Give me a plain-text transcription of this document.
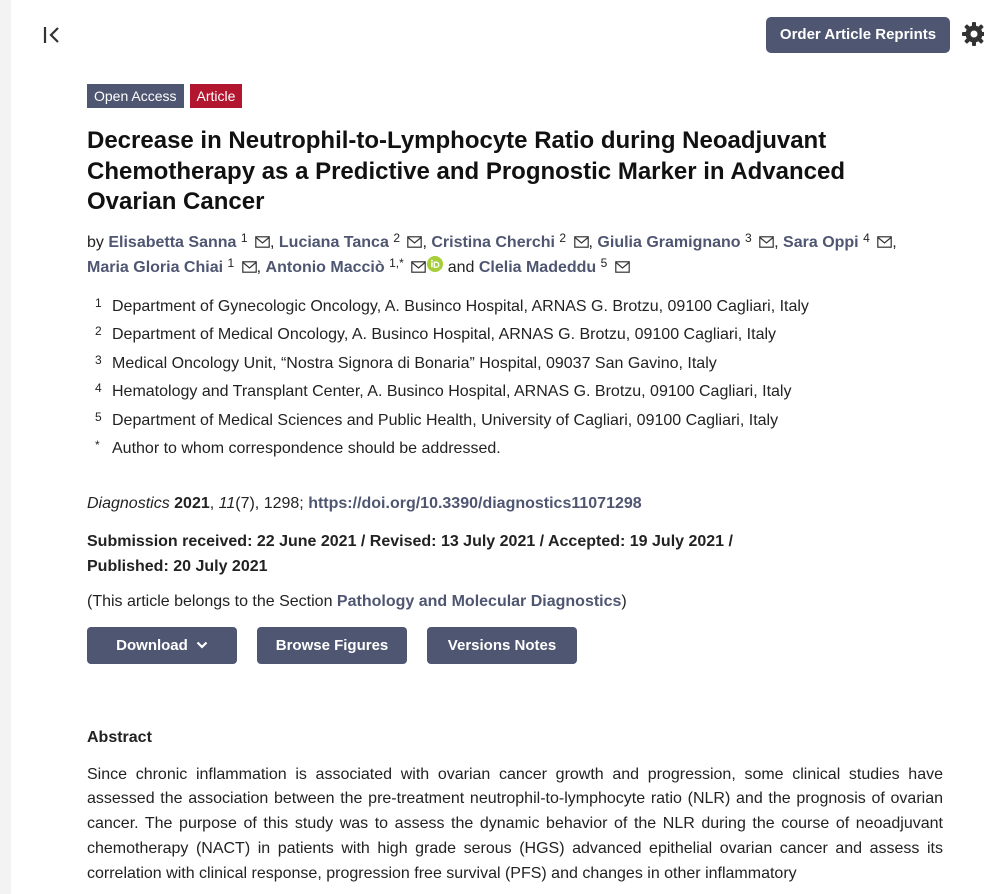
Order Article Reprints
Open Access	Article
Decrease in Neutrophil-to-Lymphocyte Ratio during Neoadjuvant Chemotherapy as a Predictive and Prognostic Marker in Advanced Ovarian Cancer
by Elisabetta Sanna $^1$ , Luciana Tanca $^2$ , Cristina Cherchi $^2$ , Giulia Gramignano $^3$ , Sara Oppi $^4$ ,
Maria Gloria Chiai $^1$ , Antonio Macciò $^{1,*}$	and Clelia Madeddu $^5$
1 Department of Gynecologic Oncology, A. Businco Hospital, ARNAS G. Brotzu, 09100 Cagliari, Italy
2 Department of Medical Oncology, A. Businco Hospital, ARNAS G. Brotzu, 09100 Cagliari, Italy
3 Medical Oncology Unit, “Nostra Signora di Bonaria” Hospital, 09037 San Gavino, Italy
4 Hematology and Transplant Center, A. Businco Hospital, ARNAS G. Brotzu, 09100 Cagliari, Italy
5 Department of Medical Sciences and Public Health, University of Cagliari, 09100 Cagliari, Italy
* Author to whom correspondence should be addressed.
Diagnostics 2021, 11(7), 1298; https://doi.org/10.3390/diagnostics11071298
Submission received: 22 June 2021 / Revised: 13 July 2021 / Accepted: 19 July 2021 / Published: 20 July 2021
(This article belongs to the Section Pathology and Molecular Diagnostics)
Download	Browse Figures	Versions Notes
Abstract

Since chronic inflammation is associated with ovarian cancer growth and progression, some clinical studies have assessed the association between the pre-treatment neutrophil-to-lymphocyte ratio (NLR) and the prognosis of ovarian cancer. The purpose of this study was to assess the dynamic behavior of the NLR during the course of neoadjuvant chemotherapy (NACT) in patients with high grade serous (HGS) advanced epithelial ovarian cancer and assess its correlation with clinical response, progression free survival (PFS) and changes in other inflammatory
